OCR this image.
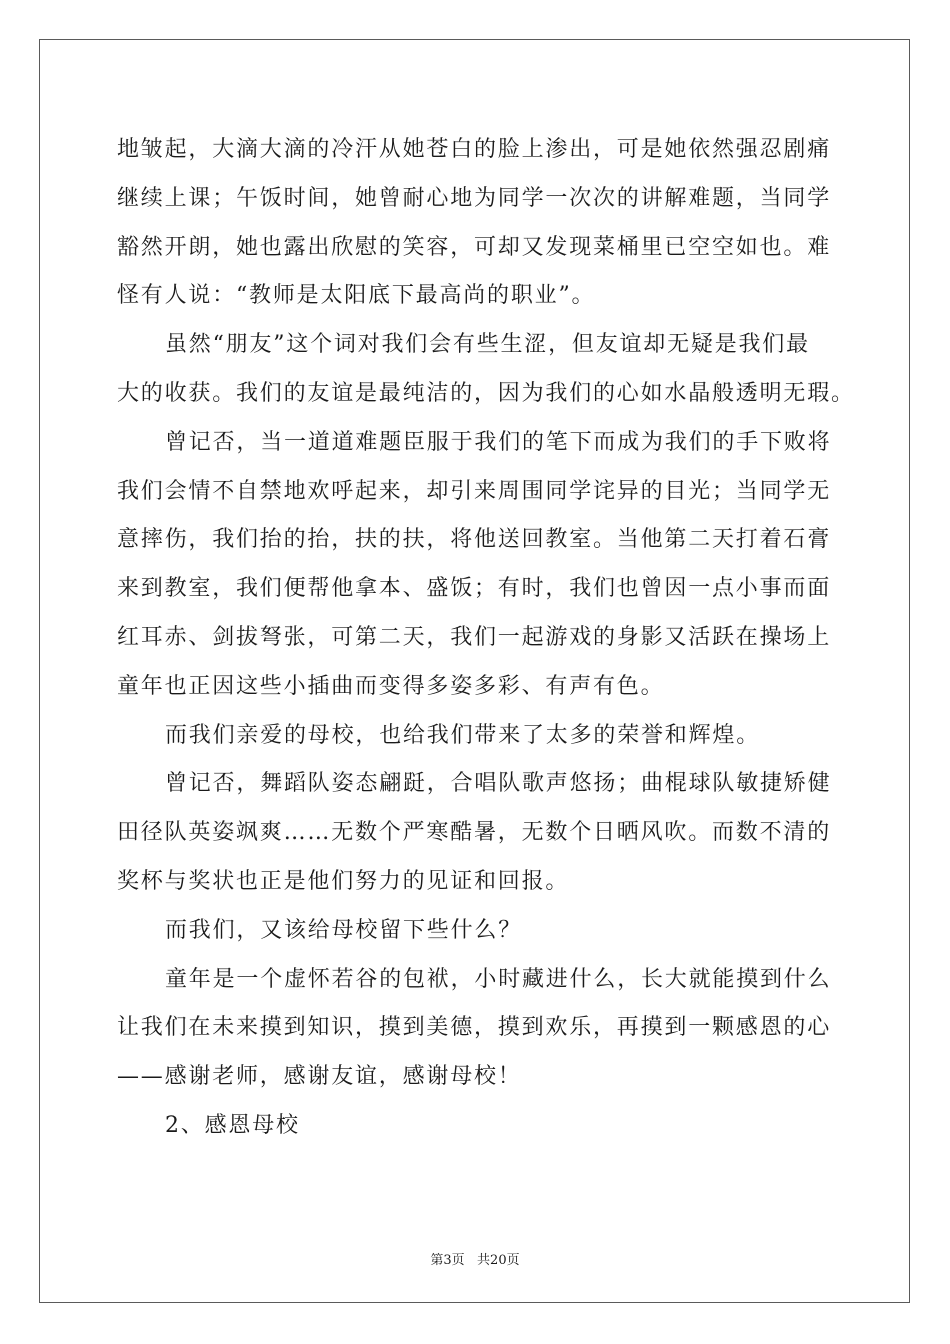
地皱起，大滴大滴的冷汗从她苍白的脸上渗出，可是她依然强忍剧痛
继续上课；午饭时间，她曾耐心地为同学一次次的讲解难题，当同学
豁然开朗，她也露出欣慰的笑容，可却又发现菜桶里已空空如也。难
怪有人说：“教师是太阳底下最高尚的职业”。
虽然“朋友”这个词对我们会有些生涩，但友谊却无疑是我们最
大的收获。我们的友谊是最纯洁的，因为我们的心如水晶般透明无瑕。
曾记否，当一道道难题臣服于我们的笔下而成为我们的手下败将
我们会情不自禁地欢呼起来，却引来周围同学诧异的目光；当同学无
意摔伤，我们抬的抬，扶的扶，将他送回教室。当他第二天打着石膏
来到教室，我们便帮他拿本、盛饭；有时，我们也曾因一点小事而面
红耳赤、剑拔弩张，可第二天，我们一起游戏的身影又活跃在操场上
童年也正因这些小插曲而变得多姿多彩、有声有色。
而我们亲爱的母校，也给我们带来了太多的荣誉和辉煌。
曾记否，舞蹈队姿态翩跹，合唱队歌声悠扬；曲棍球队敏捷矫健
田径队英姿飒爽……无数个严寒酷暑，无数个日晒风吹。而数不清的
奖杯与奖状也正是他们努力的见证和回报。
而我们，又该给母校留下些什么？
童年是一个虚怀若谷的包袱，小时藏进什么，长大就能摸到什么
让我们在未来摸到知识，摸到美德，摸到欢乐，再摸到一颗感恩的心
——感谢老师，感谢友谊，感谢母校！
2、感恩母校
第3页   共20页
